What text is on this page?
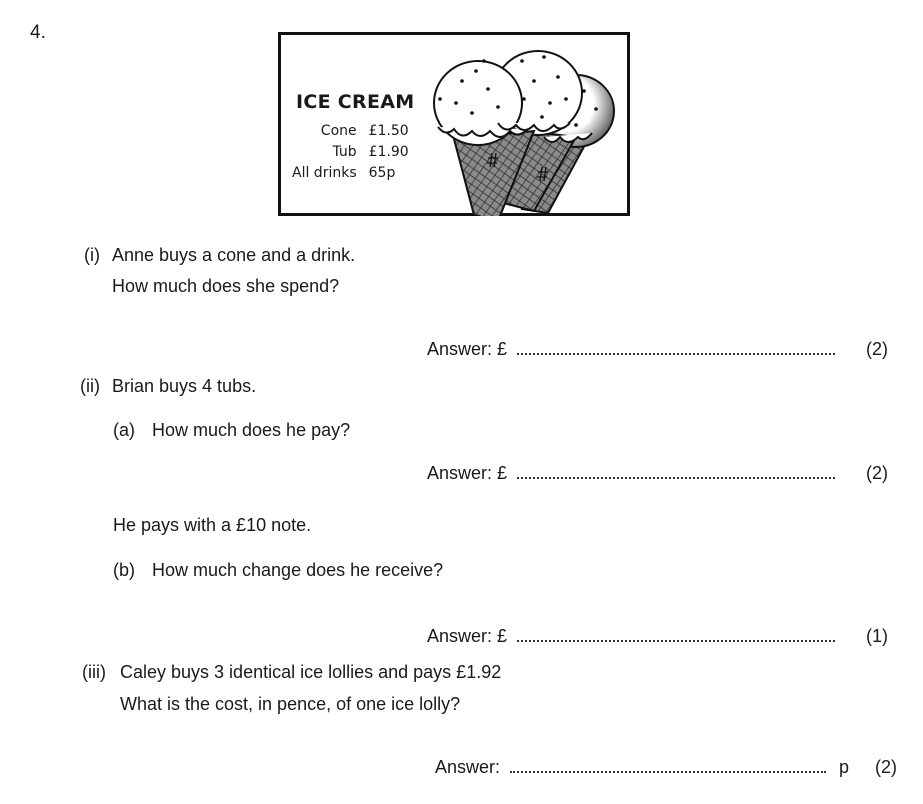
4.
ICE CREAM
Cone	£1.50
Tub	£1.90
All drinks	65p
(i) Anne buys a cone and a drink.
How much does she spend?
Answer: £	(2)
(ii) Brian buys 4 tubs.
(a) How much does he pay?
Answer: £	(2)
He pays with a £10 note.
(b) How much change does he receive?
Answer: £	(1)
(iii) Caley buys 3 identical ice lollies and pays £1.92
What is the cost, in pence, of one ice lolly?
Answer:	p (2)
